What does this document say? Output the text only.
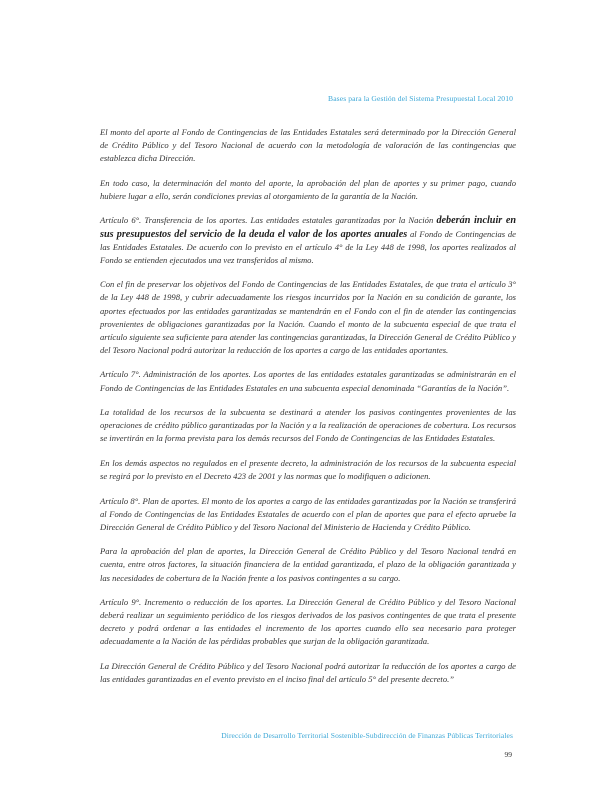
Bases para la Gestión del Sistema Presupuestal Local 2010

El monto del aporte al Fondo de Contingencias de las Entidades Estatales será determinado por la Dirección General de Crédito Público y del Tesoro Nacional de acuerdo con la metodología de valoración de las contingencias que establezca dicha Dirección.

En todo caso, la determinación del monto del aporte, la aprobación del plan de aportes y su primer pago, cuando hubiere lugar a ello, serán condiciones previas al otorgamiento de la garantía de la Nación.

Artículo 6°. Transferencia de los aportes. Las entidades estatales garantizadas por la Nación deberán incluir en sus presupuestos del servicio de la deuda el valor de los aportes anuales al Fondo de Contingencias de las Entidades Estatales. De acuerdo con lo previsto en el artículo 4° de la Ley 448 de 1998, los aportes realizados al Fondo se entienden ejecutados una vez transferidos al mismo.

Con el fin de preservar los objetivos del Fondo de Contingencias de las Entidades Estatales, de que trata el artículo 3° de la Ley 448 de 1998, y cubrir adecuadamente los riesgos incurridos por la Nación en su condición de garante, los aportes efectuados por las entidades garantizadas se mantendrán en el Fondo con el fin de atender las contingencias provenientes de obligaciones garantizadas por la Nación. Cuando el monto de la subcuenta especial de que trata el artículo siguiente sea suficiente para atender las contingencias garantizadas, la Dirección General de Crédito Público y del Tesoro Nacional podrá autorizar la reducción de los aportes a cargo de las entidades aportantes.

Artículo 7°. Administración de los aportes. Los aportes de las entidades estatales garantizadas se administrarán en el Fondo de Contingencias de las Entidades Estatales en una subcuenta especial denominada “Garantías de la Nación”.

La totalidad de los recursos de la subcuenta se destinará a atender los pasivos contingentes provenientes de las operaciones de crédito público garantizadas por la Nación y a la realización de operaciones de cobertura. Los recursos se invertirán en la forma prevista para los demás recursos del Fondo de Contingencias de las Entidades Estatales.

En los demás aspectos no regulados en el presente decreto, la administración de los recursos de la subcuenta especial se regirá por lo previsto en el Decreto 423 de 2001 y las normas que lo modifiquen o adicionen.

Artículo 8°. Plan de aportes. El monto de los aportes a cargo de las entidades garantizadas por la Nación se transferirá al Fondo de Contingencias de las Entidades Estatales de acuerdo con el plan de aportes que para el efecto apruebe la Dirección General de Crédito Público y del Tesoro Nacional del Ministerio de Hacienda y Crédito Público.

Para la aprobación del plan de aportes, la Dirección General de Crédito Público y del Tesoro Nacional tendrá en cuenta, entre otros factores, la situación financiera de la entidad garantizada, el plazo de la obligación garantizada y las necesidades de cobertura de la Nación frente a los pasivos contingentes a su cargo.

Artículo 9°. Incremento o reducción de los aportes. La Dirección General de Crédito Público y del Tesoro Nacional deberá realizar un seguimiento periódico de los riesgos derivados de los pasivos contingentes de que trata el presente decreto y podrá ordenar a las entidades el incremento de los aportes cuando ello sea necesario para proteger adecuadamente a la Nación de las pérdidas probables que surjan de la obligación garantizada.

La Dirección General de Crédito Público y del Tesoro Nacional podrá autorizar la reducción de los aportes a cargo de las entidades garantizadas en el evento previsto en el inciso final del artículo 5° del presente decreto.”

Dirección de Desarrollo Territorial Sostenible-Subdirección de Finanzas Públicas Territoriales
99
